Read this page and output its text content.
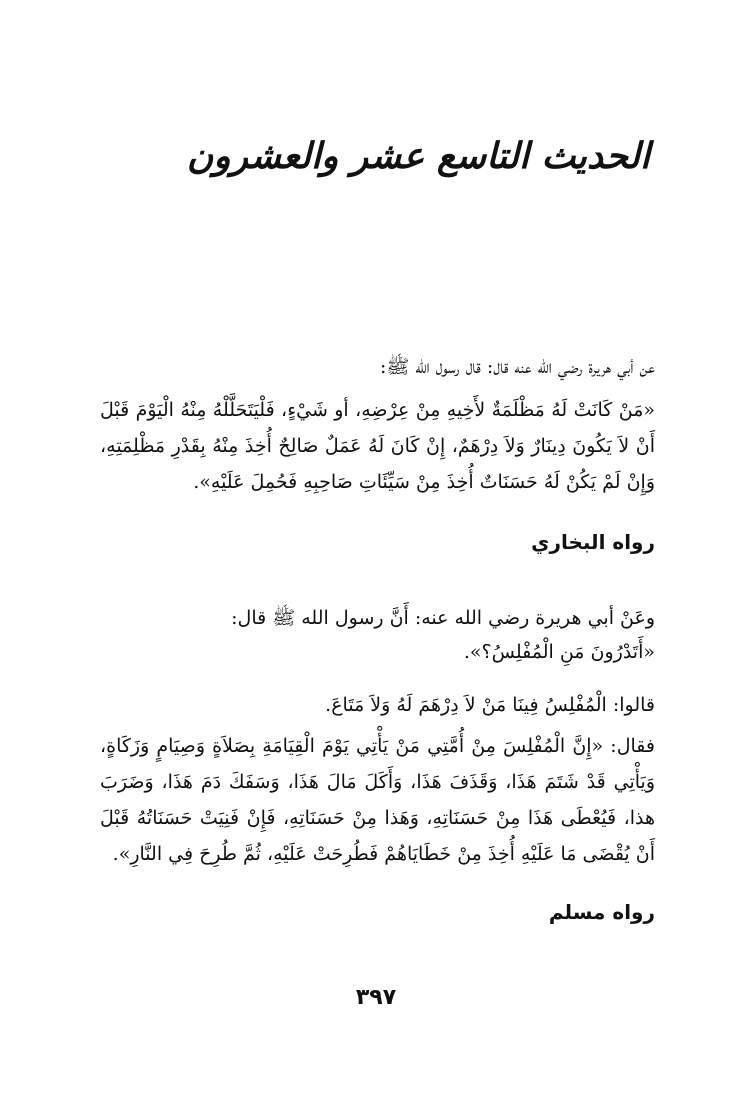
الحديث التاسع عشر والعشرون
عن أبي هريرة رضي الله عنه قال: قال رسول الله ﷺ:
«مَنْ كَانَتْ لَهُ مَظْلَمَةٌ لأَخِيهِ مِنْ عِرْضِهِ، أو شَيْءٍ، فَلْيَتَحَلَّلْهُ مِنْهُ الْيَوْمَ قَبْلَ أَنْ لاَ يَكُونَ دِينَارٌ وَلاَ دِرْهَمٌ، إِنْ كَانَ لَهُ عَمَلٌ صَالِحٌ أُخِذَ مِنْهُ بِقَدْرِ مَظْلِمَتِهِ، وَإِنْ لَمْ يَكُنْ لَهُ حَسَنَاتٌ أُخِذَ مِنْ سَيِّئَاتِ صَاحِبِهِ فَحُمِلَ عَلَيْهِ».
رواه البخاري
وعَنْ أبي هريرة رضي الله عنه: أَنَّ رسول الله ﷺ قال:
«أَتَدْرُونَ مَنِ الْمُفْلِسُ؟».
قالوا: الْمُفْلِسُ فِينَا مَنْ لاَ دِرْهَمَ لَهُ وَلاَ مَتَاعَ.
فقال: «إِنَّ الْمُفْلِسَ مِنْ أُمَّتِي مَنْ يَأْتِي يَوْمَ الْقِيَامَةِ بِصَلاَةٍ وَصِيَامٍ وَزَكَاةٍ، وَيَأْتِي قَدْ شَتَمَ هَذَا، وَقَذَفَ هَذَا، وَأَكَلَ مَالَ هَذَا، وَسَفَكَ دَمَ هَذَا، وَضَرَبَ هذا، فَيُعْطَى هَذَا مِنْ حَسَنَاتِهِ، وَهَذا مِنْ حَسَنَاتِهِ، فَإِنْ فَنِيَتْ حَسَنَاتُهُ قَبْلَ أَنْ يُقْضَى مَا عَلَيْهِ أُخِذَ مِنْ خَطَايَاهُمْ فَطُرِحَتْ عَلَيْهِ، ثُمَّ طُرِحَ فِي النَّارِ».
رواه مسلم
٣٩٧
